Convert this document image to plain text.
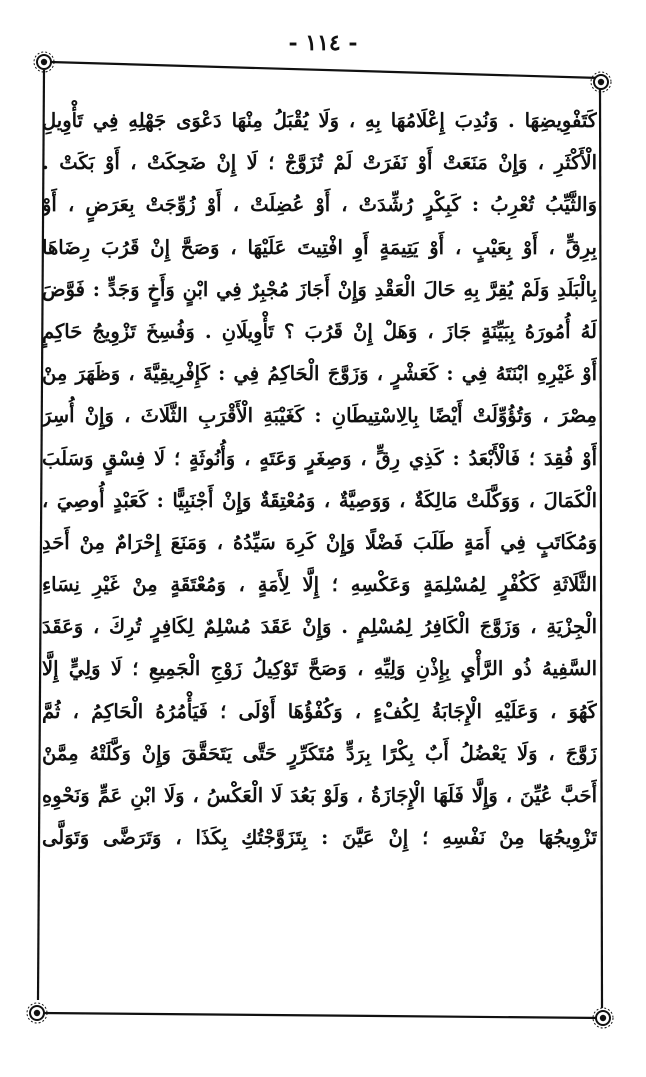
- ١١٤ -
كَتَفْوِيضِهَا . وَنُدِبَ إِعْلَامُهَا بِهِ ، وَلَا يُقْبَلُ مِنْهَا دَعْوَى جَهْلِهِ فِي تَأْوِيلِ
الْأَكْثَرِ ، وَإِنْ مَنَعَتْ أَوْ نَفَرَتْ لَمْ تُزَوَّجْ ؛ لَا إِنْ ضَحِكَتْ ، أَوْ بَكَتْ .
وَالثَّيِّبُ تُعْرِبُ : كَبِكْرٍ رُشِّدَتْ ، أَوْ عُضِلَتْ ، أَوْ زُوِّجَتْ بِعَرَضٍ ، أَوْ
بِرِقٍّ ، أَوْ بِعَيْبٍ ، أَوْ يَتِيمَةٍ أَوِ افْتِيتَ عَلَيْهَا ، وَصَحَّ إِنْ قَرُبَ رِضَاهَا
بِالْبَلَدِ وَلَمْ يُقِرَّ بِهِ حَالَ الْعَقْدِ وَإِنْ أَجَازَ مُجْبِرٌ فِي ابْنٍ وَأَخٍ وَجَدٍّ : فَوَّضَ
لَهُ أُمُورَهُ بِبَيِّنَةٍ جَازَ ، وَهَلْ إِنْ قَرُبَ ؟ تَأْوِيلَانِ . وَفُسِخَ تَزْوِيجُ حَاكِمٍ
أَوْ غَيْرِهِ ابْنَتَهُ فِي : كَعَشْرٍ ، وَزَوَّجَ الْحَاكِمُ فِي : كَإِفْرِيقِيَّةَ ، وَظَهَرَ مِنْ
مِصْرَ ، وَتُؤُوِّلَتْ أَيْضًا بِالِاسْتِيطَانِ : كَغَيْبَةِ الْأَقْرَبِ الثَّلَاثَ ، وَإِنْ أُسِرَ
أَوْ فُقِدَ ؛ فَالْأَبْعَدُ : كَذِي رِقٍّ ، وَصِغَرٍ وَعَتَهٍ ، وَأُنُوثَةٍ ؛ لَا فِسْقٍ وَسَلَبَ
الْكَمَالَ ، وَوَكَّلَتْ مَالِكَةٌ ، وَوَصِيَّةٌ ، وَمُعْتِقَةٌ وَإِنْ أَجْنَبِيًّا : كَعَبْدٍ أُوصِيَ ،
وَمُكَاتَبٍ فِي أَمَةٍ طَلَبَ فَضْلًا وَإِنْ كَرِهَ سَيِّدُهُ ، وَمَنَعَ إِحْرَامٌ مِنْ أَحَدِ
الثَّلَاثَةِ كَكُفْرٍ لِمُسْلِمَةٍ وَعَكْسِهِ ؛ إِلَّا لِأَمَةٍ ، وَمُعْتَقَةٍ مِنْ غَيْرِ نِسَاءِ
الْجِزْيَةِ ، وَزَوَّجَ الْكَافِرُ لِمُسْلِمٍ . وَإِنْ عَقَدَ مُسْلِمٌ لِكَافِرٍ تُرِكَ ، وَعَقَدَ
السَّفِيهُ ذُو الرَّأْيِ بِإِذْنِ وَلِيِّهِ ، وَصَحَّ تَوْكِيلُ زَوْجِ الْجَمِيعِ ؛ لَا وَلِيٍّ إِلَّا
كَهُوَ ، وَعَلَيْهِ الْإِجَابَةُ لِكُفْءٍ ، وَكُفْؤُهَا أَوْلَى ؛ فَيَأْمُرُهُ الْحَاكِمُ ، ثُمَّ
زَوَّجَ ، وَلَا يَعْضُلُ أَبٌ بِكْرًا بِرَدٍّ مُتَكَرِّرٍ حَتَّى يَتَحَقَّقَ وَإِنْ وَكَّلَتْهُ مِمَّنْ
أَحَبَّ عُيِّنَ ، وَإِلَّا فَلَهَا الْإِجَازَةُ ، وَلَوْ بَعُدَ لَا الْعَكْسُ ، وَلَا ابْنِ عَمٍّ وَنَحْوِهِ
تَزْوِيجُهَا مِنْ نَفْسِهِ ؛ إِنْ عَيَّنَ : بِتَزَوَّجْتُكِ بِكَذَا ، وَتَرَضَّى وَتَوَلَّى
